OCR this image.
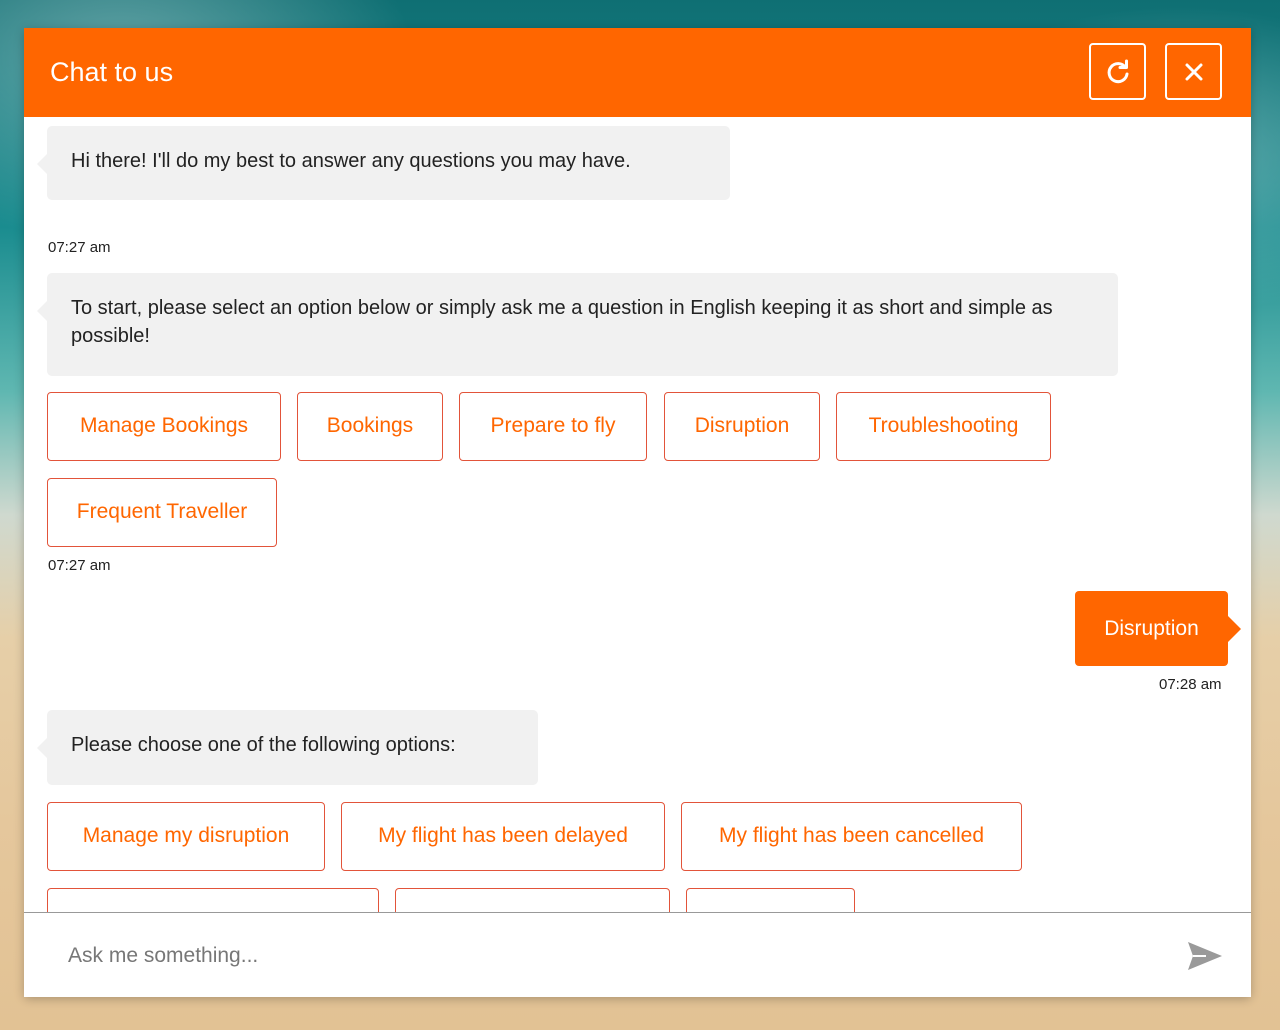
Chat to us
Hi there! I'll do my best to answer any questions you may have.
07:27 am
To start, please select an option below or simply ask me a question in English keeping it as short and simple as possible!
Manage Bookings	Bookings	Prepare to fly	Disruption	Troubleshooting
Frequent Traveller
07:27 am
Disruption
07:28 am
Please choose one of the following options:
Manage my disruption	My flight has been delayed	My flight has been cancelled
Ask me something...
